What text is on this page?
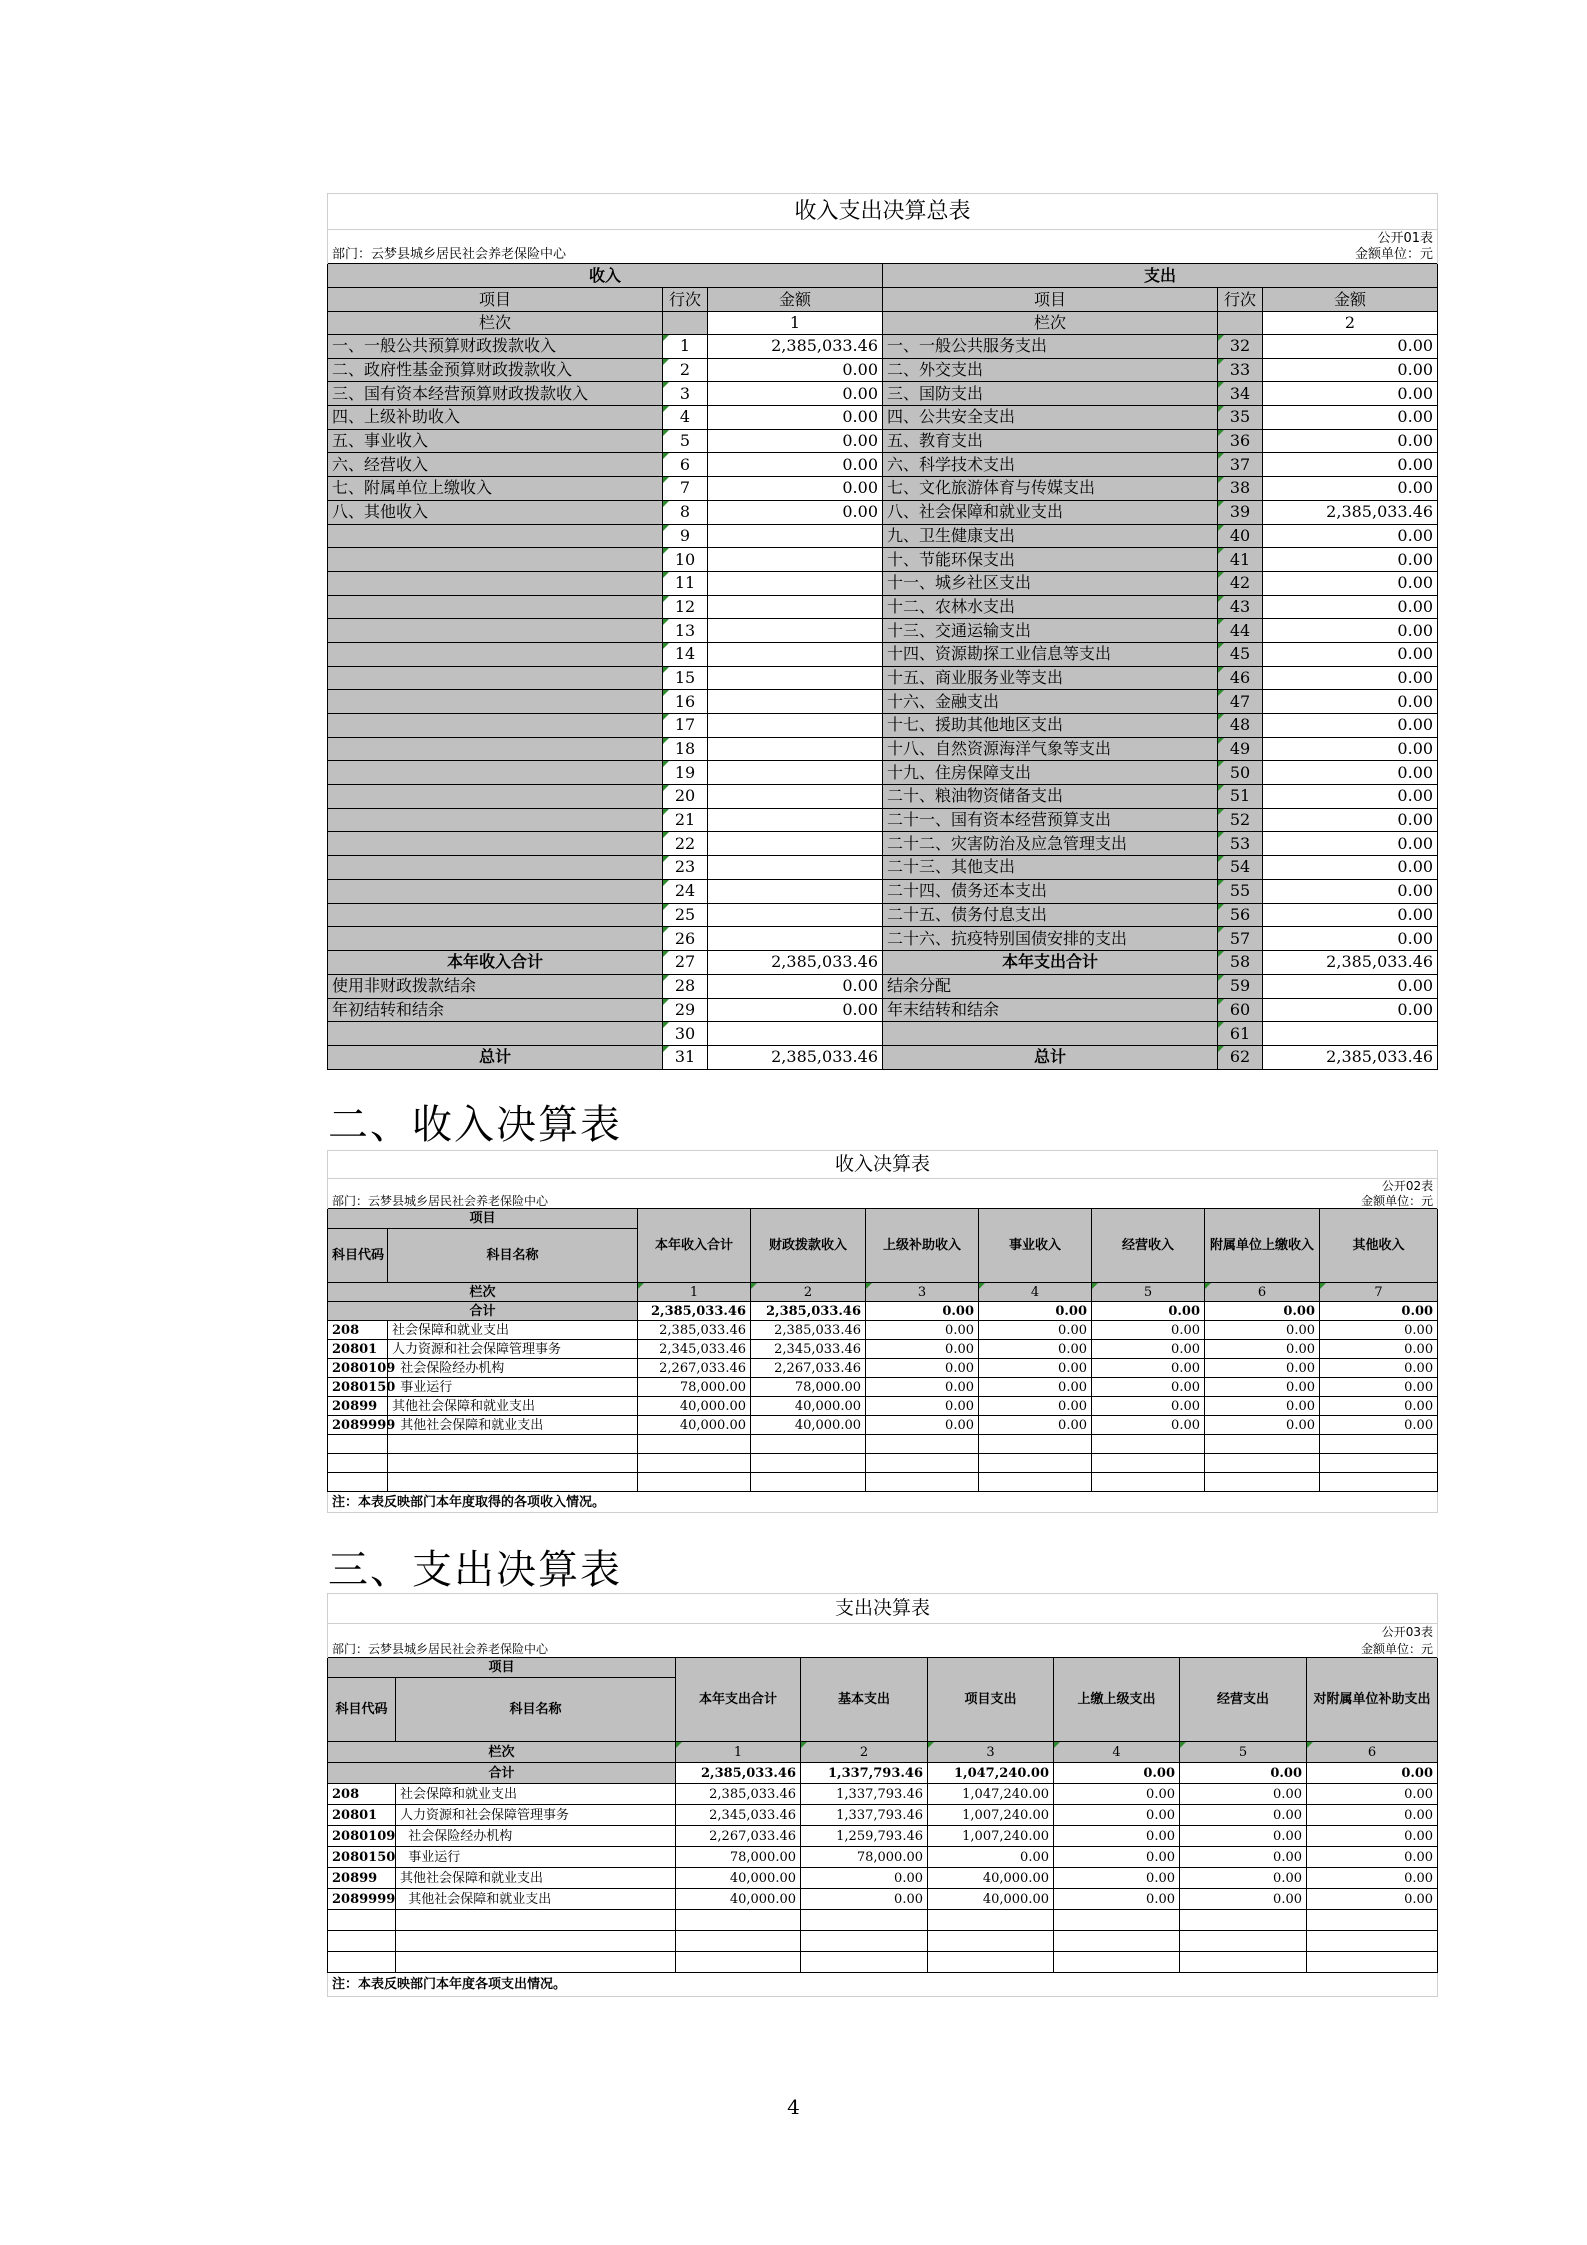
收入支出决算总表					
					公开01表
部门：云梦县城乡居民社会养老保险中心					金额单位：元
收入			支出		
项目	行次	金额	项目	行次	金额
栏次		1	栏次		2
一、一般公共预算财政拨款收入	1	2,385,033.46	一、一般公共服务支出	32	0.00
二、政府性基金预算财政拨款收入	2	0.00	二、外交支出	33	0.00
三、国有资本经营预算财政拨款收入	3	0.00	三、国防支出	34	0.00
四、上级补助收入	4	0.00	四、公共安全支出	35	0.00
五、事业收入	5	0.00	五、教育支出	36	0.00
六、经营收入	6	0.00	六、科学技术支出	37	0.00
七、附属单位上缴收入	7	0.00	七、文化旅游体育与传媒支出	38	0.00
八、其他收入	8	0.00	八、社会保障和就业支出	39	2,385,033.46
	9		九、卫生健康支出	40	0.00
	10		十、节能环保支出	41	0.00
	11		十一、城乡社区支出	42	0.00
	12		十二、农林水支出	43	0.00
	13		十三、交通运输支出	44	0.00
	14		十四、资源勘探工业信息等支出	45	0.00
	15		十五、商业服务业等支出	46	0.00
	16		十六、金融支出	47	0.00
	17		十七、援助其他地区支出	48	0.00
	18		十八、自然资源海洋气象等支出	49	0.00
	19		十九、住房保障支出	50	0.00
	20		二十、粮油物资储备支出	51	0.00
	21		二十一、国有资本经营预算支出	52	0.00
	22		二十二、灾害防治及应急管理支出	53	0.00
	23		二十三、其他支出	54	0.00
	24		二十四、债务还本支出	55	0.00
	25		二十五、债务付息支出	56	0.00
	26		二十六、抗疫特别国债安排的支出	57	0.00
本年收入合计	27	2,385,033.46	本年支出合计	58	2,385,033.46
使用非财政拨款结余	28	0.00	结余分配	59	0.00
年初结转和结余	29	0.00	年末结转和结余	60	0.00
	30			61	
总计	31	2,385,033.46	总计	62	2,385,033.46
二、收入决算表
收入决算表								
								公开02表
部门：云梦县城乡居民社会养老保险中心								金额单位：元
项目		本年收入合计	财政拨款收入	上级补助收入	事业收入	经营收入	附属单位上缴收入	其他收入
科目代码	科目名称							
栏次		1	2	3	4	5	6	7
合计		2,385,033.46	2,385,033.46	0.00	0.00	0.00	0.00	0.00
208	社会保障和就业支出	2,385,033.46	2,385,033.46	0.00	0.00	0.00	0.00	0.00
20801	人力资源和社会保障管理事务	2,345,033.46	2,345,033.46	0.00	0.00	0.00	0.00	0.00
2080109	社会保险经办机构	2,267,033.46	2,267,033.46	0.00	0.00	0.00	0.00	0.00
2080150	事业运行	78,000.00	78,000.00	0.00	0.00	0.00	0.00	0.00
20899	其他社会保障和就业支出	40,000.00	40,000.00	0.00	0.00	0.00	0.00	0.00
2089999	其他社会保障和就业支出	40,000.00	40,000.00	0.00	0.00	0.00	0.00	0.00

注：本表反映部门本年度取得的各项收入情况。								
三、支出决算表
支出决算表							
							公开03表
部门：云梦县城乡居民社会养老保险中心							金额单位：元
项目		本年支出合计	基本支出	项目支出	上缴上级支出	经营支出	对附属单位补助支出
科目代码	科目名称						
栏次		1	2	3	4	5	6
合计		2,385,033.46	1,337,793.46	1,047,240.00	0.00	0.00	0.00
208	社会保障和就业支出	2,385,033.46	1,337,793.46	1,047,240.00	0.00	0.00	0.00
20801	人力资源和社会保障管理事务	2,345,033.46	1,337,793.46	1,007,240.00	0.00	0.00	0.00
2080109	社会保险经办机构	2,267,033.46	1,259,793.46	1,007,240.00	0.00	0.00	0.00
2080150	事业运行	78,000.00	78,000.00	0.00	0.00	0.00	0.00
20899	其他社会保障和就业支出	40,000.00	0.00	40,000.00	0.00	0.00	0.00
2089999	其他社会保障和就业支出	40,000.00	0.00	40,000.00	0.00	0.00	0.00

注：本表反映部门本年度各项支出情况。							
4
